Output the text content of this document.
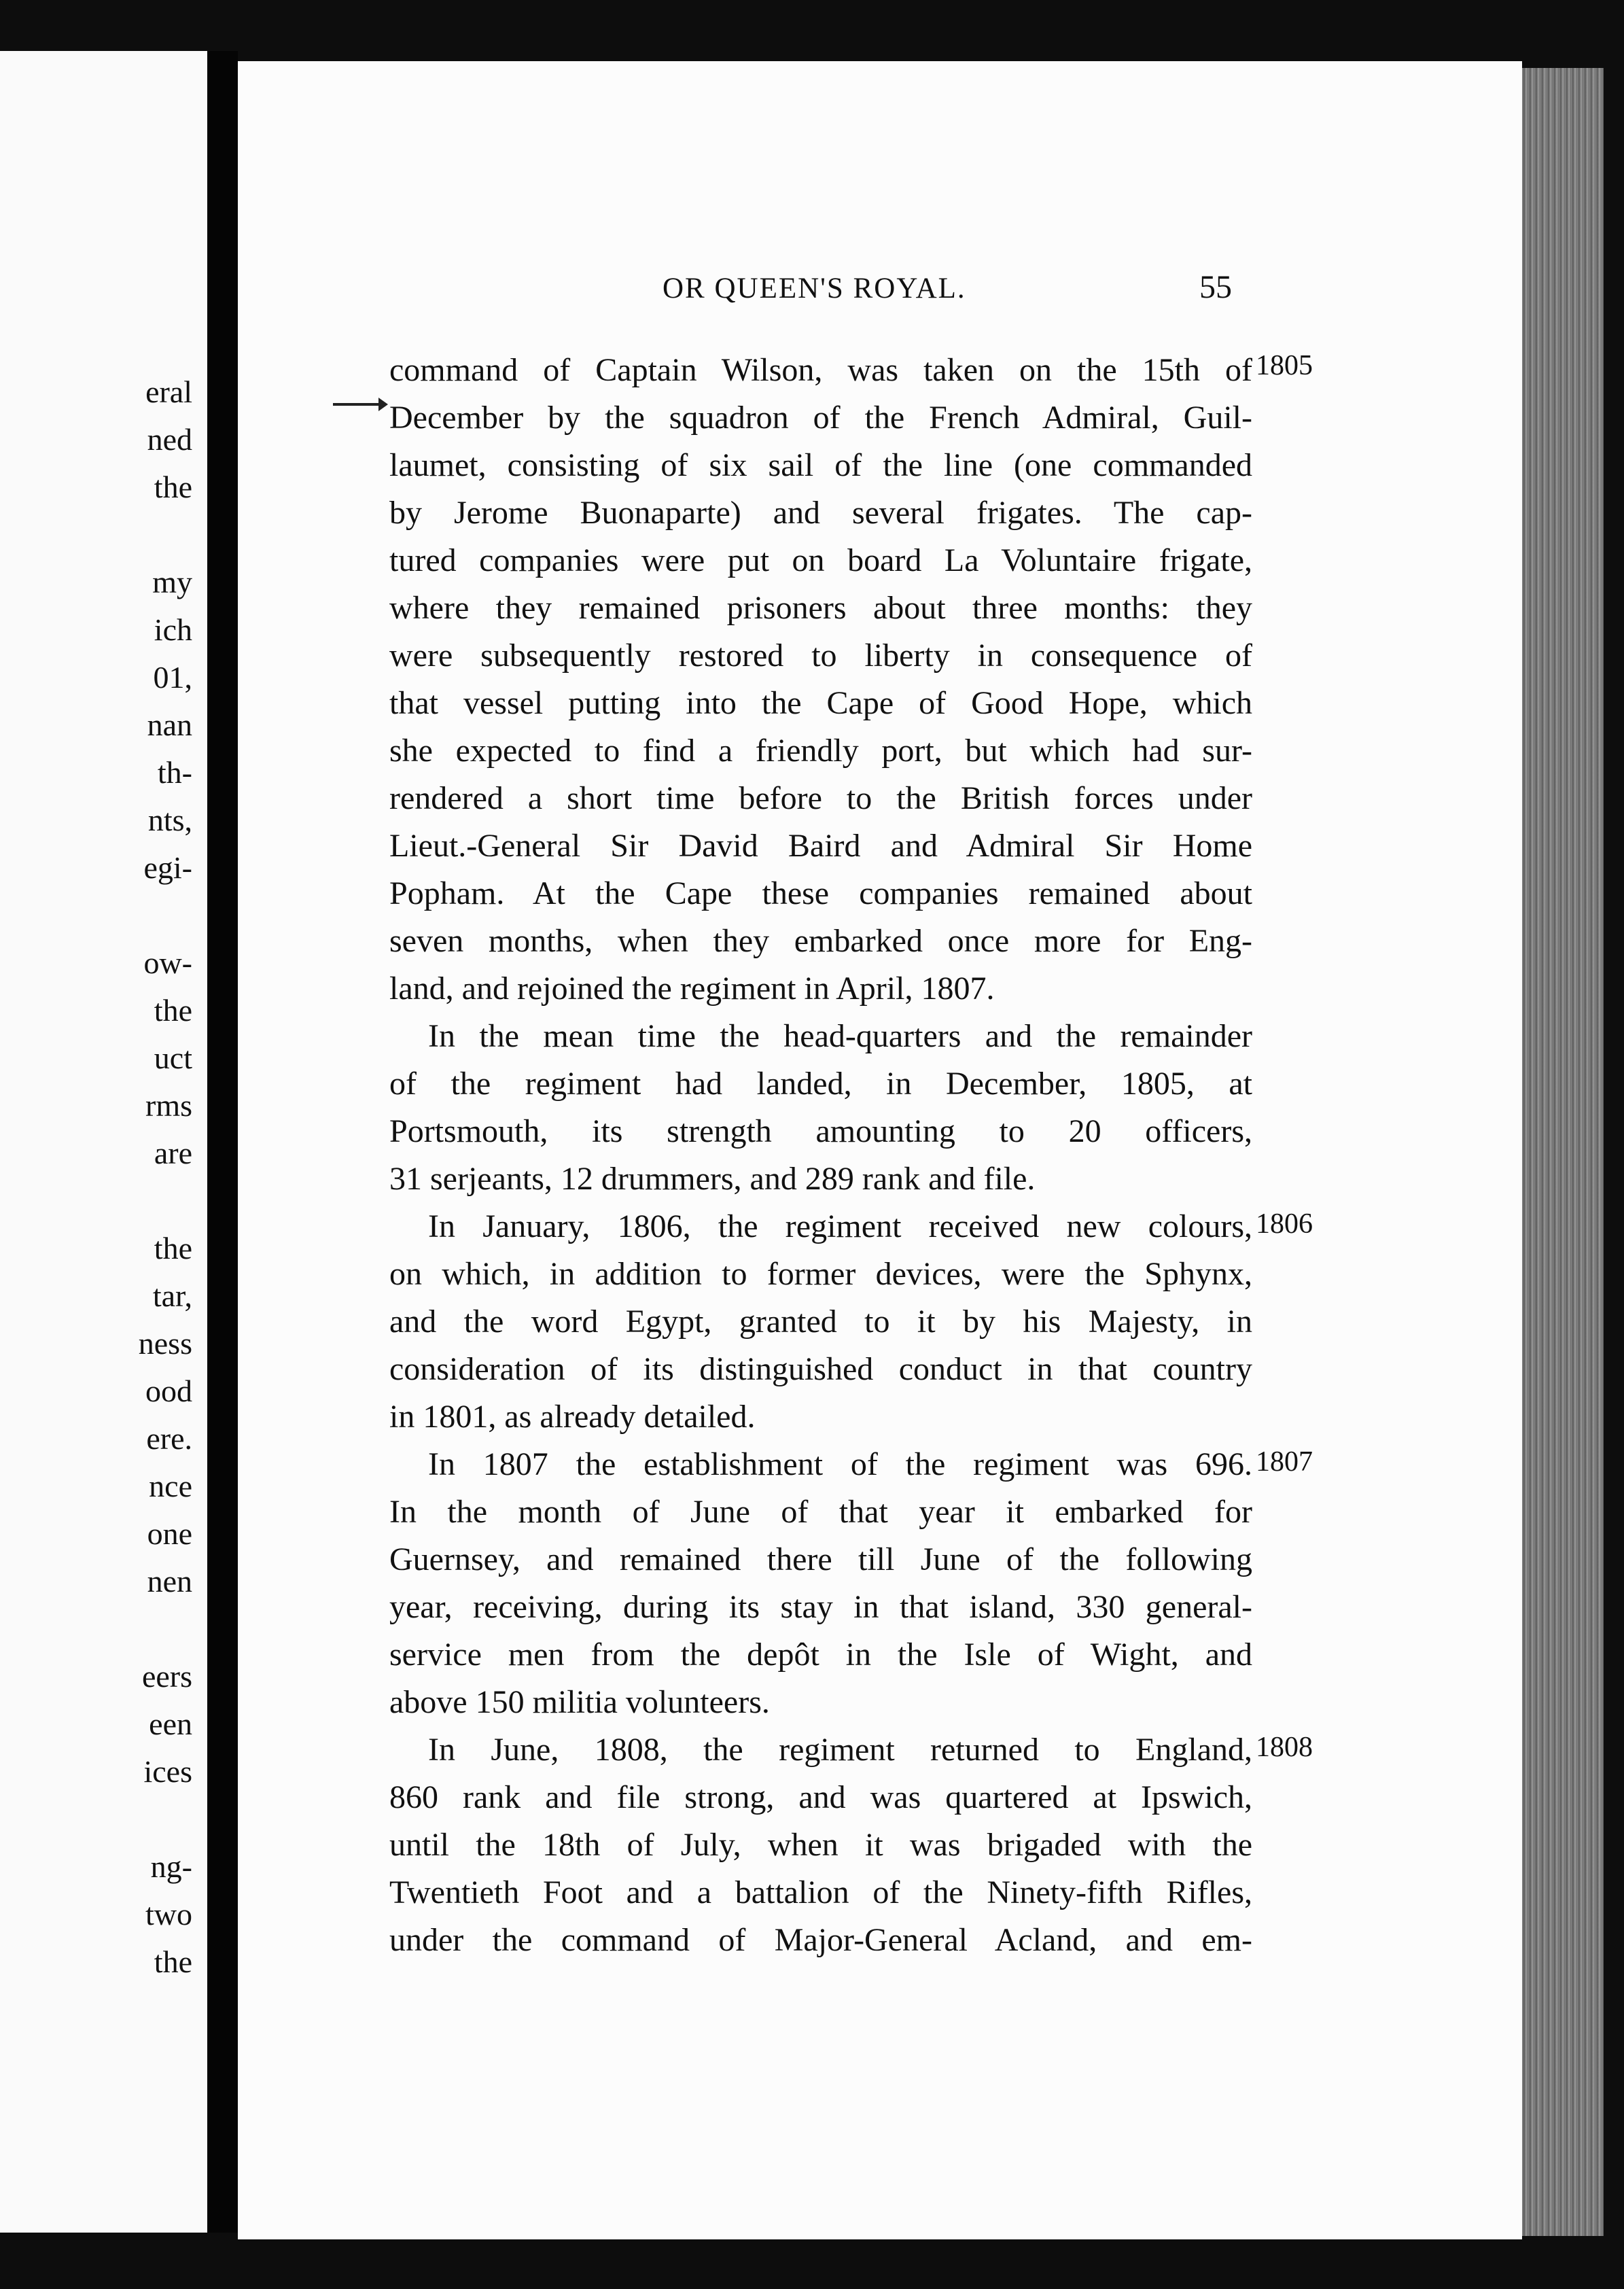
eral
ned
the
my
ich
01,
nan
th-
nts,
egi-
ow-
the
uct
rms
are
the
tar,
ness
ood
ere.
nce
one
nen
eers
een
ices
ng-
two
the
OR QUEEN'S ROYAL.	55
command of Captain Wilson, was taken on the 15th of
December by the squadron of the French Admiral, Guil-
laumet, consisting of six sail of the line (one commanded
by Jerome Buonaparte) and several frigates. The cap-
tured companies were put on board La Voluntaire frigate,
where they remained prisoners about three months: they
were subsequently restored to liberty in consequence of
that vessel putting into the Cape of Good Hope, which
she expected to find a friendly port, but which had sur-
rendered a short time before to the British forces under
Lieut.-General Sir David Baird and Admiral Sir Home
Popham. At the Cape these companies remained about
seven months, when they embarked once more for Eng-
land, and rejoined the regiment in April, 1807.
In the mean time the head-quarters and the remainder
of the regiment had landed, in December, 1805, at
Portsmouth, its strength amounting to 20 officers,
31 serjeants, 12 drummers, and 289 rank and file.
In January, 1806, the regiment received new colours,
on which, in addition to former devices, were the Sphynx,
and the word Egypt, granted to it by his Majesty, in
consideration of its distinguished conduct in that country
in 1801, as already detailed.
In 1807 the establishment of the regiment was 696.
In the month of June of that year it embarked for
Guernsey, and remained there till June of the following
year, receiving, during its stay in that island, 330 general-
service men from the depôt in the Isle of Wight, and
above 150 militia volunteers.
In June, 1808, the regiment returned to England,
860 rank and file strong, and was quartered at Ipswich,
until the 18th of July, when it was brigaded with the
Twentieth Foot and a battalion of the Ninety-fifth Rifles,
under the command of Major-General Acland, and em-
1805
1806
1807
1808
